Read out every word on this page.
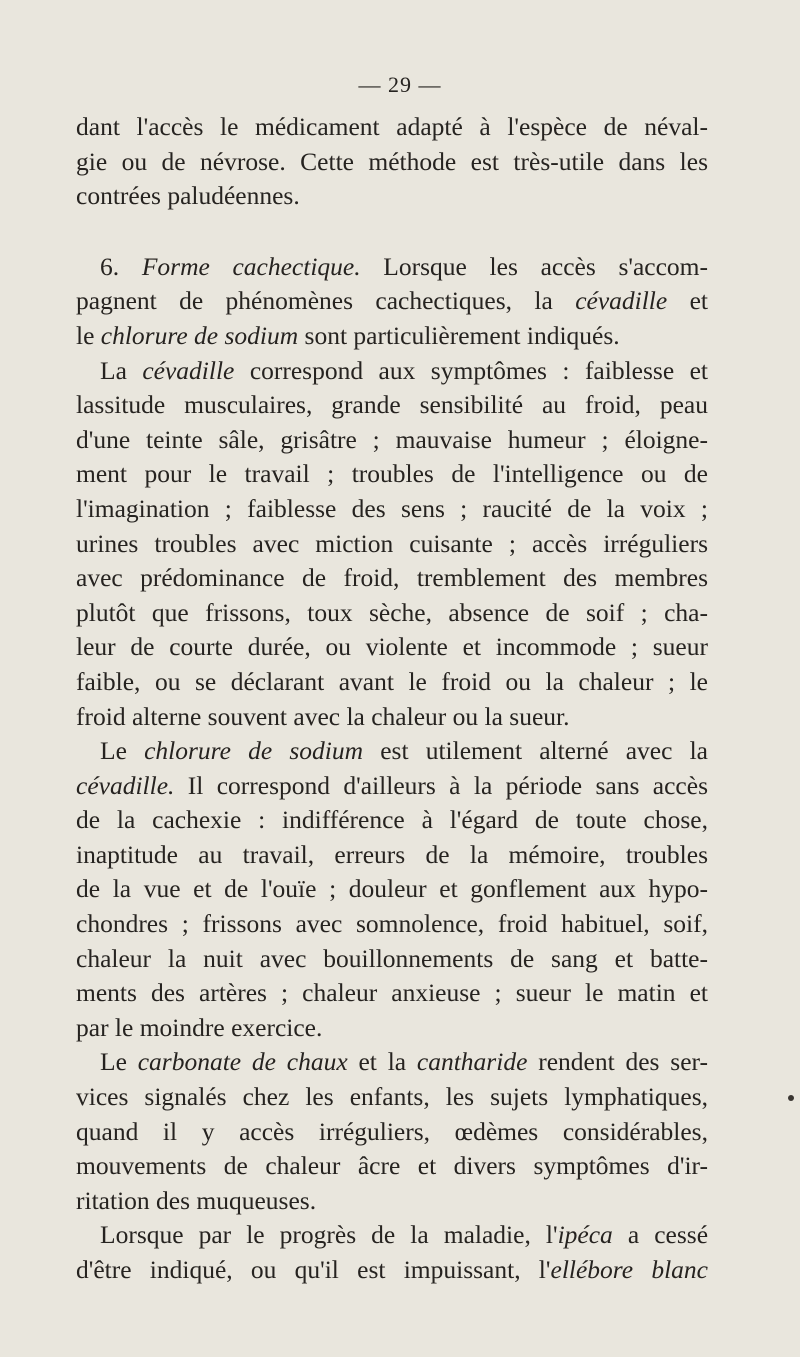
— 29 —
dant l'accès le médicament adapté à l'espèce de néval-
gie ou de névrose. Cette méthode est très-utile dans les
contrées paludéennes.
6. Forme cachectique. Lorsque les accès s'accom-
pagnent de phénomènes cachectiques, la cévadille et
le chlorure de sodium sont particulièrement indiqués.
La cévadille correspond aux symptômes : faiblesse et
lassitude musculaires, grande sensibilité au froid, peau
d'une teinte sâle, grisâtre ; mauvaise humeur ; éloigne-
ment pour le travail ; troubles de l'intelligence ou de
l'imagination ; faiblesse des sens ; raucité de la voix ;
urines troubles avec miction cuisante ; accès irréguliers
avec prédominance de froid, tremblement des membres
plutôt que frissons, toux sèche, absence de soif ; cha-
leur de courte durée, ou violente et incommode ; sueur
faible, ou se déclarant avant le froid ou la chaleur ; le
froid alterne souvent avec la chaleur ou la sueur.
Le chlorure de sodium est utilement alterné avec la
cévadille. Il correspond d'ailleurs à la période sans accès
de la cachexie : indifférence à l'égard de toute chose,
inaptitude au travail, erreurs de la mémoire, troubles
de la vue et de l'ouïe ; douleur et gonflement aux hypo-
chondres ; frissons avec somnolence, froid habituel, soif,
chaleur la nuit avec bouillonnements de sang et batte-
ments des artères ; chaleur anxieuse ; sueur le matin et
par le moindre exercice.
Le carbonate de chaux et la cantharide rendent des ser-
vices signalés chez les enfants, les sujets lymphatiques,
quand il y accès irréguliers, œdèmes considérables,
mouvements de chaleur âcre et divers symptômes d'ir-
ritation des muqueuses.
Lorsque par le progrès de la maladie, l'ipéca a cessé
d'être indiqué, ou qu'il est impuissant, l'ellébore blanc
